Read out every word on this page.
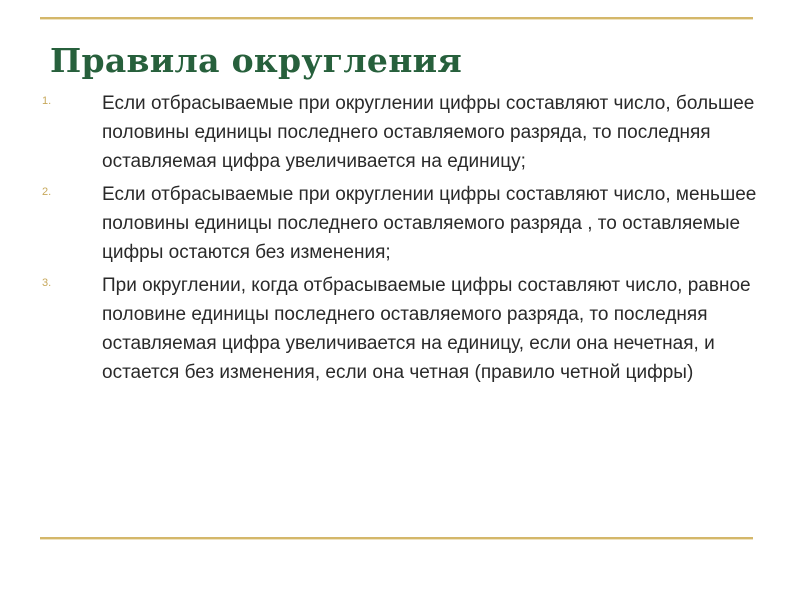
Правила округления
1.	Если отбрасываемые при округлении цифры составляют число, большее половины единицы последнего оставляемого разряда, то последняя оставляемая цифра увеличивается на единицу;
2.	Если отбрасываемые при округлении цифры составляют число, меньшее половины единицы последнего оставляемого разряда , то оставляемые цифры остаются без изменения;
3.	При округлении, когда отбрасываемые цифры составляют число, равное половине единицы последнего оставляемого разряда, то последняя оставляемая цифра увеличивается на единицу, если она нечетная, и остается без изменения, если она четная (правило четной цифры)
